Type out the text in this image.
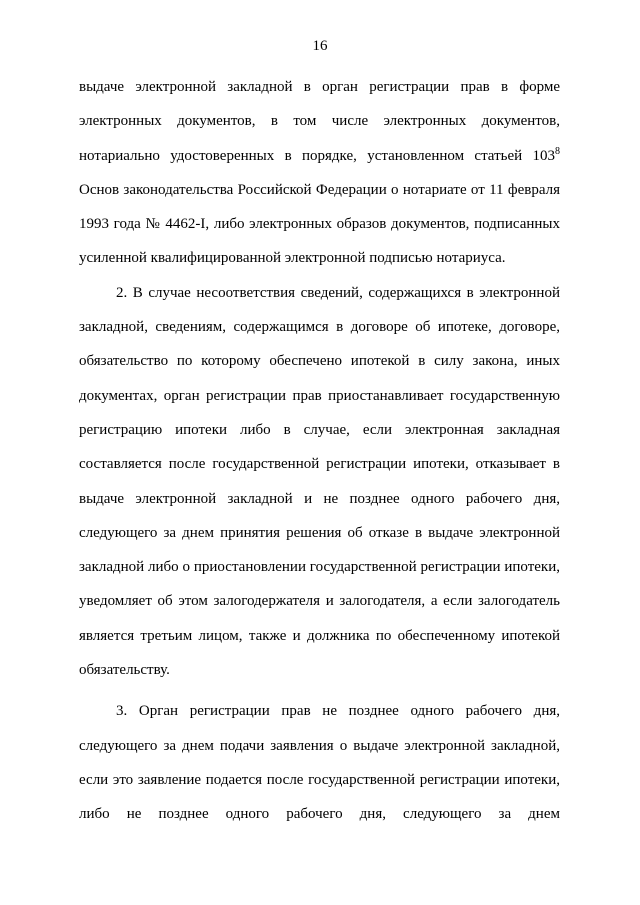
16

выдаче электронной закладной в орган регистрации прав в форме
электронных документов, в том числе электронных документов,
нотариально удостоверенных в порядке, установленном статьей $103^8$
Основ законодательства Российской Федерации о нотариате от 11 февраля
1993 года № 4462-I, либо электронных образов документов, подписанных
усиленной квалифицированной электронной подписью нотариуса.

2. В случае несоответствия сведений, содержащихся в электронной
закладной, сведениям, содержащимся в договоре об ипотеке, договоре,
обязательство по которому обеспечено ипотекой в силу закона, иных
документах, орган регистрации прав приостанавливает государственную
регистрацию ипотеки либо в случае, если электронная закладная
составляется после государственной регистрации ипотеки, отказывает в
выдаче электронной закладной и не позднее одного рабочего дня,
следующего за днем принятия решения об отказе в выдаче электронной
закладной либо о приостановлении государственной регистрации ипотеки,
уведомляет об этом залогодержателя и залогодателя, а если залогодатель
является третьим лицом, также и должника по обеспеченному ипотекой
обязательству.

3. Орган регистрации прав не позднее одного рабочего дня,
следующего за днем подачи заявления о выдаче электронной закладной,
если это заявление подается после государственной регистрации ипотеки,
либо не позднее одного рабочего дня, следующего за днем
